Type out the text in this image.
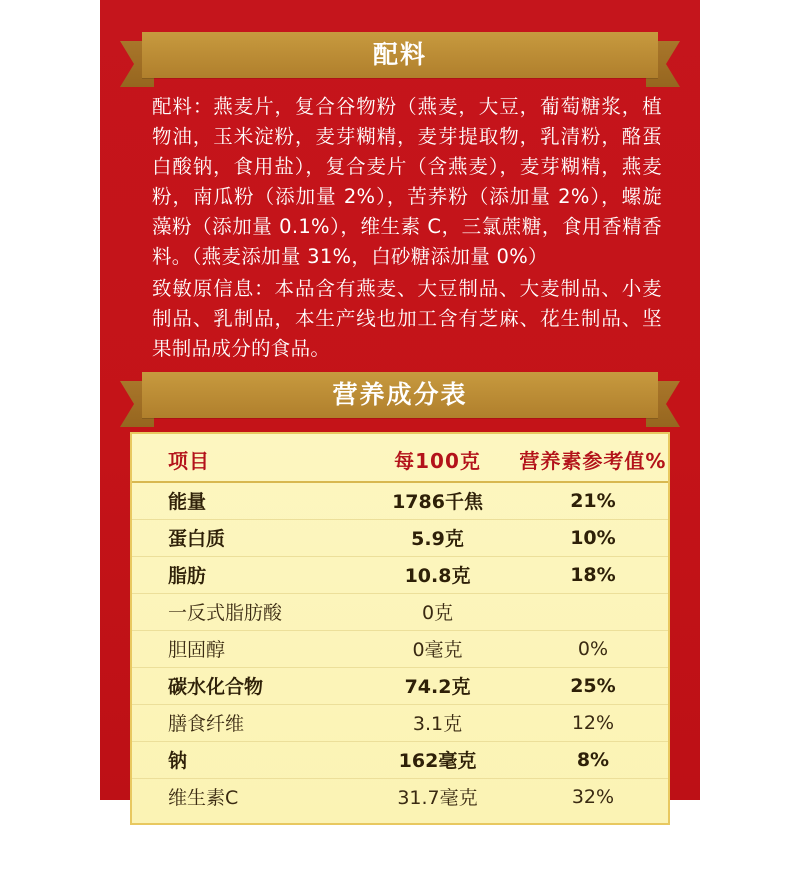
配料

配料：燕麦片，复合谷物粉（燕麦，大豆，葡萄糖浆，植物油，玉米淀粉，麦芽糊精，麦芽提取物，乳清粉，酪蛋白酸钠，食用盐），复合麦片（含燕麦），麦芽糊精，燕麦粉，南瓜粉（添加量 2%），苦荞粉（添加量 2%），螺旋藻粉（添加量 0.1%），维生素 C，三氯蔗糖，食用香精香料。（燕麦添加量 31%，白砂糖添加量 0%）

致敏原信息：本品含有燕麦、大豆制品、大麦制品、小麦制品、乳制品，本生产线也加工含有芝麻、花生制品、坚果制品成分的食品。

营养成分表
项目	每100克	营养素参考值%
能量	1786千焦	21%
蛋白质	5.9克	10%
脂肪	10.8克	18%
一反式脂肪酸	0克	
胆固醇	0毫克	0%
碳水化合物	74.2克	25%
膳食纤维	3.1克	12%
钠	162毫克	8%
维生素C	31.7毫克	32%

膳食纤维有助于维持正常的肠道功能。

维生素C有助于维持皮肤和黏膜健康。
